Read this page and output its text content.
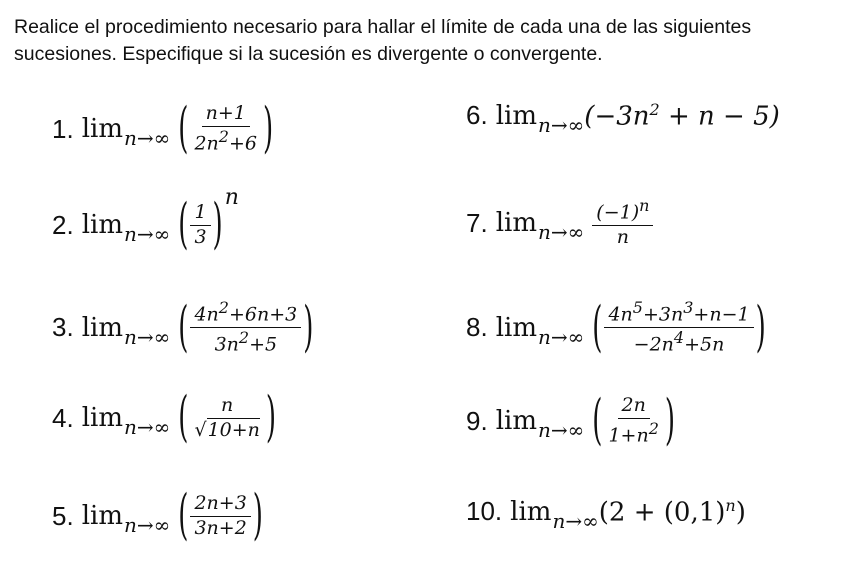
Realice el procedimiento necesario para hallar el límite de cada una de las siguientes
sucesiones. Especifique si la sucesión es divergente o convergente.
1. lim n→∞ ( $\frac{n+1}{2n^2+6}$ )
2. lim n→∞ ( $\frac{1}{3}$ ) n
3. lim n→∞ ( $\frac{4n^2+6n+3}{3n^2+5}$ )
4. lim n→∞ ( $\frac{n}{√10+n}$ )
5. lim n→∞ ( $\frac{2n+3}{3n+2}$ )
6. lim n→∞ $(-3n^2 + n - 5)$
7. $\lim n\to\infty \frac{(-1)^n}{n}$
8. lim n→∞ ( $\frac{4n^5+3n^3+n-1}{-2n^4+5n}$ )
9. lim n→∞ ( $\frac{2n}{1+n^2}$ )
10. lim n→∞ $(2 + (0,1)^n)$
